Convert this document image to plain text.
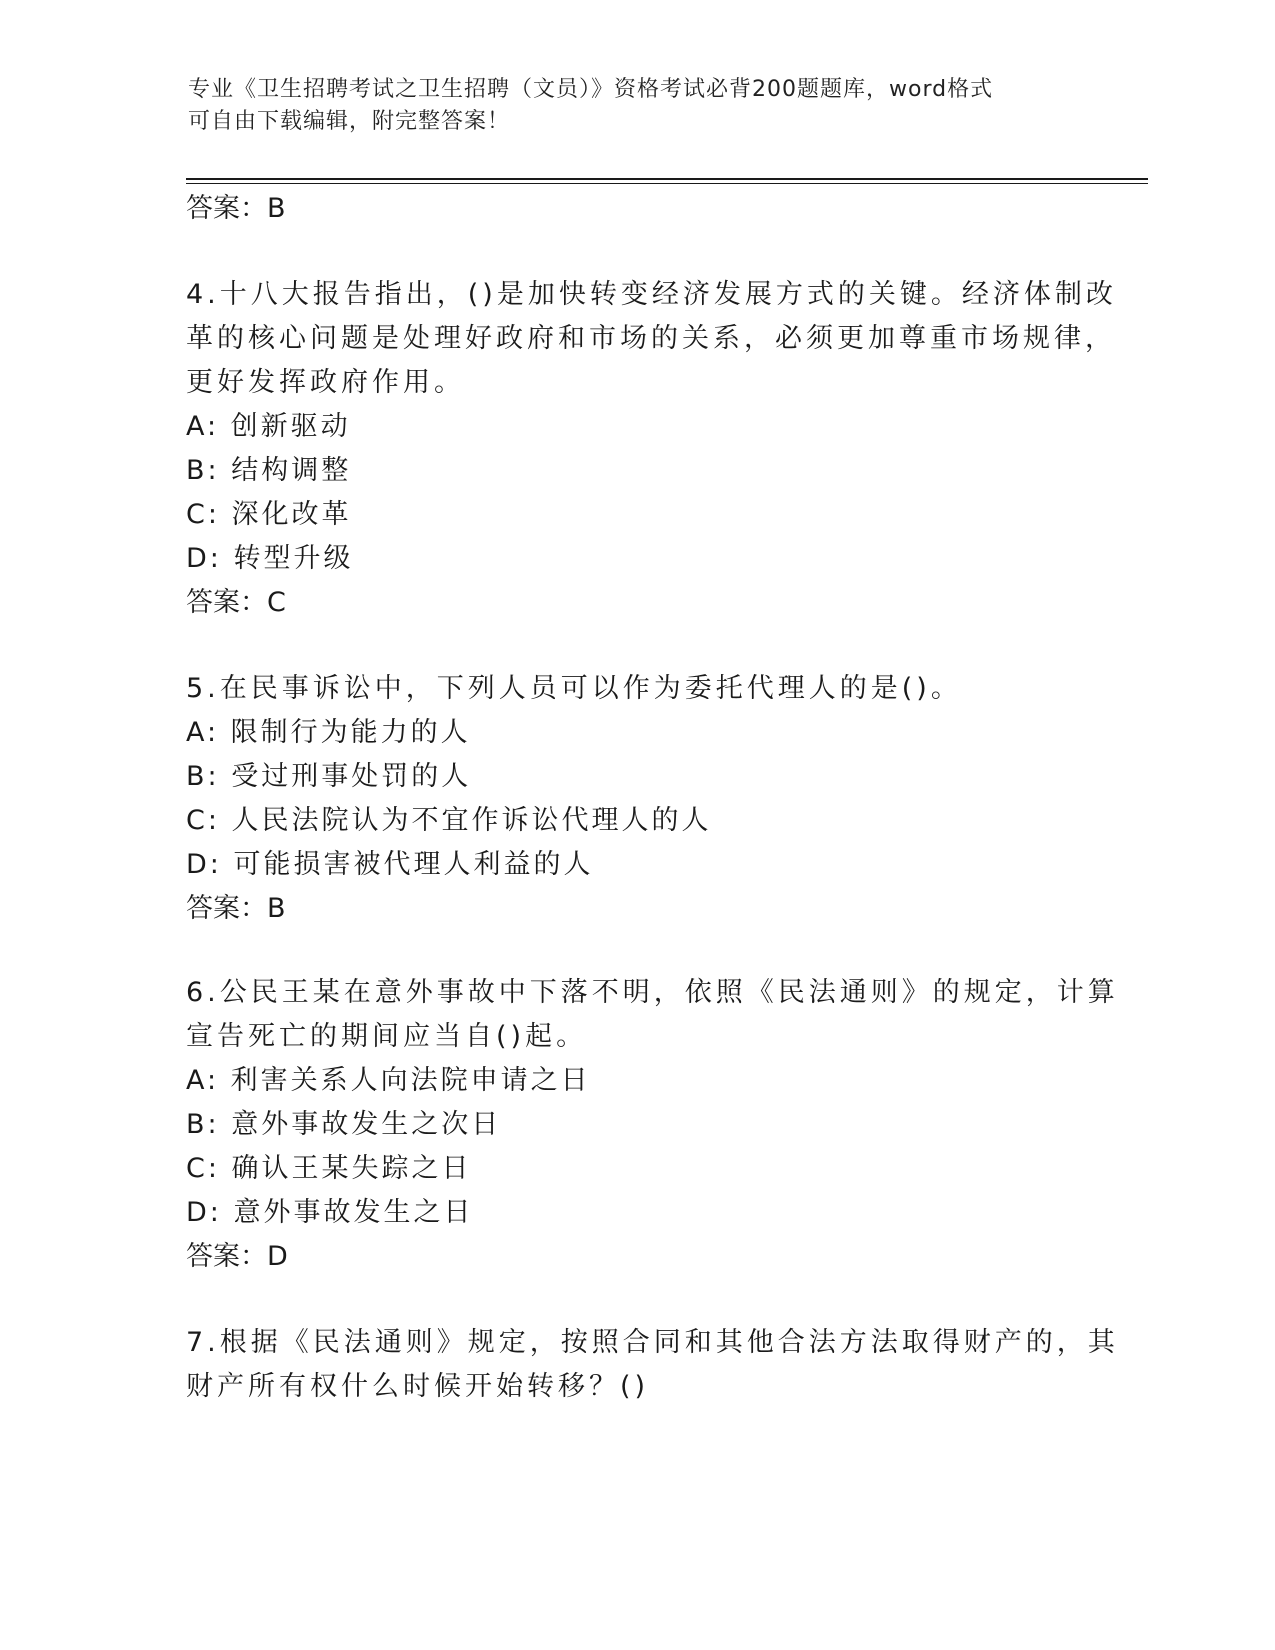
专业《卫生招聘考试之卫生招聘（文员）》资格考试必背200题题库，word格式
可自由下载编辑，附完整答案！
答案：B
4.十八大报告指出，()是加快转变经济发展方式的关键。经济体制改
革的核心问题是处理好政府和市场的关系，必须更加尊重市场规律，
更好发挥政府作用。
A: 创新驱动
B: 结构调整
C: 深化改革
D: 转型升级
答案：C
5.在民事诉讼中，下列人员可以作为委托代理人的是()。
A: 限制行为能力的人
B: 受过刑事处罚的人
C: 人民法院认为不宜作诉讼代理人的人
D: 可能损害被代理人利益的人
答案：B
6.公民王某在意外事故中下落不明，依照《民法通则》的规定，计算
宣告死亡的期间应当自()起。
A: 利害关系人向法院申请之日
B: 意外事故发生之次日
C: 确认王某失踪之日
D: 意外事故发生之日
答案：D
7.根据《民法通则》规定，按照合同和其他合法方法取得财产的，其
财产所有权什么时候开始转移？()
